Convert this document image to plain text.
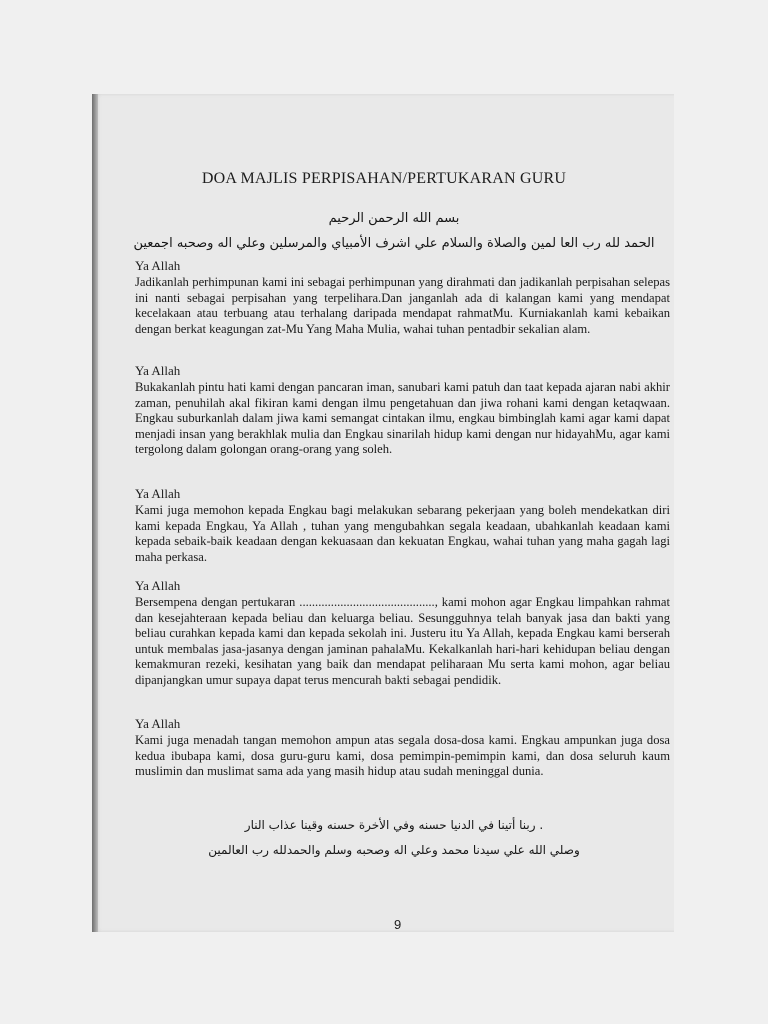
DOA MAJLIS PERPISAHAN/PERTUKARAN GURU
بسم الله الرحمن الرحيم
الحمد لله رب العا لمين والصلاة والسلام علي اشرف الأمبياي والمرسلين وعلي اله وصحبه اجمعين

Ya Allah

Jadikanlah perhimpunan kami ini sebagai perhimpunan yang dirahmati dan jadikanlah perpisahan selepas ini nanti sebagai perpisahan yang terpelihara.Dan janganlah ada di kalangan kami yang mendapat kecelakaan atau terbuang atau terhalang daripada mendapat rahmatMu. Kurniakanlah kami kebaikan dengan berkat keagungan zat-Mu Yang Maha Mulia, wahai tuhan pentadbir sekalian alam.

Ya Allah

Bukakanlah pintu hati kami dengan pancaran iman, sanubari kami patuh dan taat kepada ajaran nabi akhir zaman, penuhilah akal fikiran kami dengan ilmu pengetahuan dan jiwa rohani kami dengan ketaqwaan. Engkau suburkanlah dalam jiwa kami semangat cintakan ilmu, engkau bimbinglah kami agar kami dapat menjadi insan yang berakhlak mulia dan Engkau sinarilah hidup kami dengan nur hidayahMu, agar kami tergolong dalam golongan orang-orang yang soleh.

Ya Allah

Kami juga memohon kepada Engkau bagi melakukan sebarang pekerjaan yang boleh mendekatkan diri kami kepada Engkau, Ya Allah , tuhan yang mengubahkan segala keadaan, ubahkanlah keadaan kami kepada sebaik-baik keadaan dengan kekuasaan dan kekuatan Engkau, wahai tuhan yang maha gagah lagi maha perkasa.

Ya Allah

Bersempena dengan pertukaran ..........................................., kami mohon agar Engkau limpahkan rahmat dan kesejahteraan kepada beliau dan keluarga beliau. Sesungguhnya telah banyak jasa dan bakti yang beliau curahkan kepada kami dan kepada sekolah ini. Justeru itu Ya Allah, kepada Engkau kami berserah untuk membalas jasa-jasanya dengan jaminan pahalaMu. Kekalkanlah hari-hari kehidupan beliau dengan kemakmuran rezeki, kesihatan yang baik dan mendapat peliharaan Mu serta kami mohon, agar beliau dipanjangkan umur supaya dapat terus mencurah bakti sebagai pendidik.

Ya Allah

Kami juga menadah tangan memohon ampun atas segala dosa-dosa kami. Engkau ampunkan juga dosa kedua ibubapa kami, dosa guru-guru kami, dosa pemimpin-pemimpin kami, dan dosa seluruh kaum muslimin dan muslimat sama ada yang masih hidup atau sudah meninggal dunia.

. ربنا أتينا في الدنيا حسنه وفي الأخرة حسنه وقينا عذاب النار
وصلي الله علي سيدنا محمد وعلي اله وصحبه وسلم والحمدلله رب العالمين
9
